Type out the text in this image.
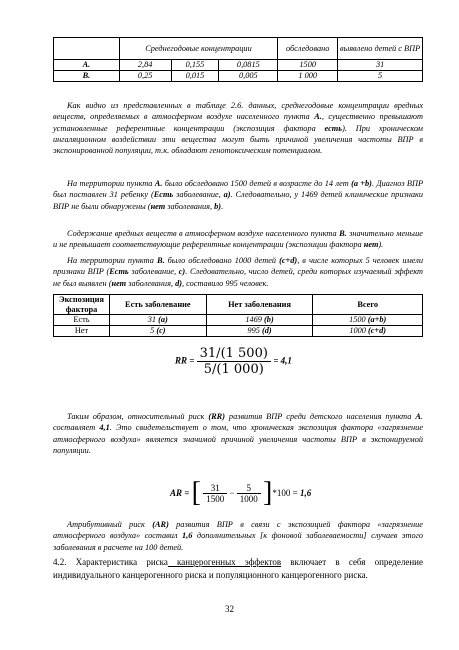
	Среднегодовые концентрации			обследовано	выявлено детей с ВПР
A.	2,84	0,155	0,0815	1500	31
B.	0,25	0,015	0,005	1 000	5

Как видно из представленных в таблице 2.6. данных, среднегодовые концентрации вредных веществ, определяемых в атмосферном воздухе населенного пункта А., существенно превышают установленные референтные концентрации (экспозиция фактора есть). При хроническом ингаляционном воздействии эти вещества могут быть причиной увеличения частоты ВПР в экспонированной популяции, т.к. обладают генотоксическим потенциалом.

На территории пункта А. было обследовано 1500 детей в возрасте до 14 лет (а +b). Диагноз ВПР был поставлен 31 ребенку (Есть заболевание, а). Следовательно, у 1469 детей клинические признаки ВПР не были обнаружены (нет заболевания, b).

Содержание вредных веществ в атмосферном воздухе населенного пункта В. значительно меньше и не превышает соответствующие референтные концентрации (экспозиции фактора нет).

На территории пункта В. было обследовано 1000 детей (c+d), в числе которых 5 человек имели признаки ВПР (Есть заболевание, с). Следовательно, число детей, среди которых изучаемый эффект не был выявлен (нет заболевания, d), составило 995 человек.

Экспозиция фактора	Есть заболевание	Нет заболевания	Всего
Есть	31 (а)	1469 (b)	1500 (a+b)
Нет	5 (c)	995 (d)	1000 (c+d)
RR = $\frac{31/(1 500)}{5/(1 000)} = 4,1$

Таким образом, относительный риск (RR) развития ВПР среди детского населения пункта А. составляет 4,1. Это свидетельствует о том, что хроническая экспозиция фактора «загрязнение атмосферного воздуха» является значимой причиной увеличения частоты ВПР в экспонируемой популяции.

AR = [ $\frac{31}{1500} - \frac{5}{1000} ]*100 = 1,6$

Атрибутивный риск (AR) развития ВПР в связи с экспозицией фактора «загрязнение атмосферного воздуха» составил 1,6 дополнительных [к фоновой заболеваемости] случаев этого заболевания в расчете на 100 детей.

4.2. Характеристика риска канцерогенных эффектов включает в себя определение индивидуального канцерогенного риска и популяционного канцерогенного риска.

32
